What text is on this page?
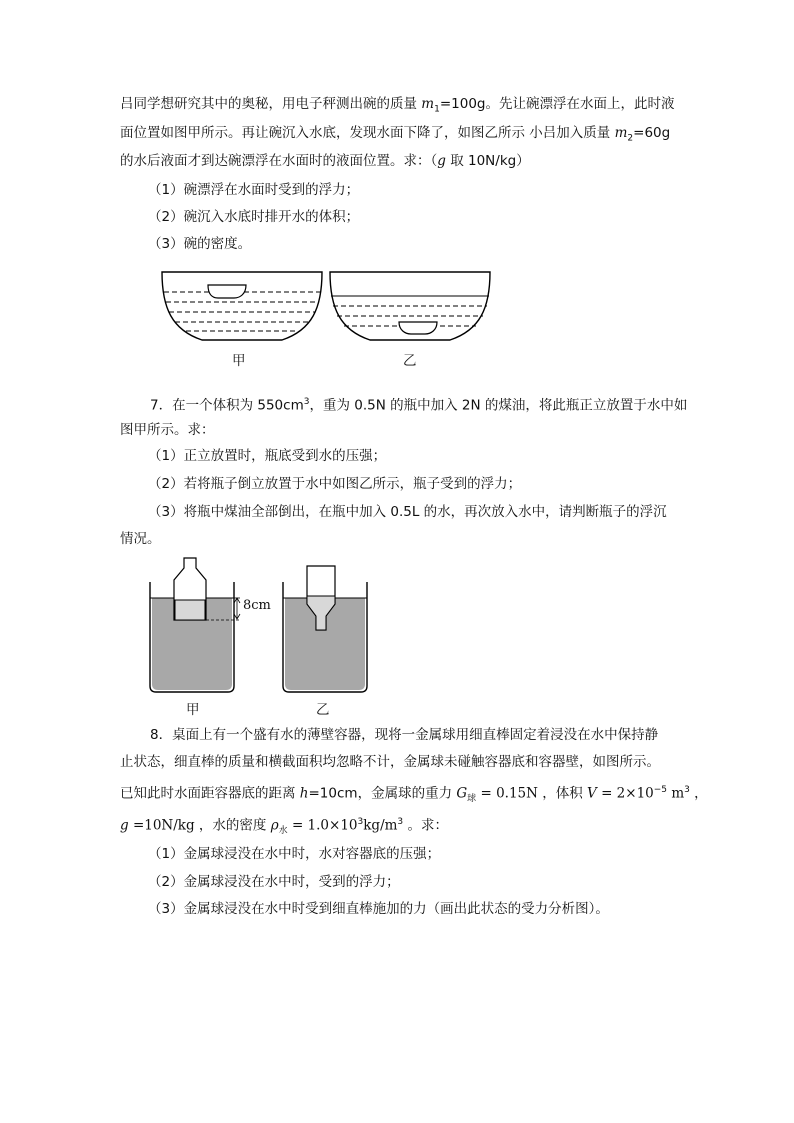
吕同学想研究其中的奥秘，用电子秤测出碗的质量 $m_1=100g$。先让碗漂浮在水面上，此时液
面位置如图甲所示。再让碗沉入水底，发现水面下降了，如图乙所示 小吕加入质量 $m_2=60g$
的水后液面才到达碗漂浮在水面时的液面位置。求：（g 取 10N/kg）
（1）碗漂浮在水面时受到的浮力；
（2）碗沉入水底时排开水的体积；
（3）碗的密度。
甲	乙
7．在一个体积为 $550cm^3$，重为 0.5N 的瓶中加入 2N 的煤油，将此瓶正立放置于水中如
图甲所示。求：
（1）正立放置时，瓶底受到水的压强；
（2）若将瓶子倒立放置于水中如图乙所示，瓶子受到的浮力；
（3）将瓶中煤油全部倒出，在瓶中加入 0.5L 的水，再次放入水中，请判断瓶子的浮沉
情况。
8cm
甲	乙
8．桌面上有一个盛有水的薄壁容器，现将一金属球用细直棒固定着浸没在水中保持静
止状态，细直棒的质量和横截面积均忽略不计，金属球未碰触容器底和容器壁，如图所示。
已知此时水面距容器底的距离 h=10cm，金属球的重力 $G_球 = 0.15N$ ，体积 $V = 2\times 10^{-5}$ $m^3$ ，
g =10N/kg ，水的密度 $\rho_水 = 1.0\times 10^3kg/m^3$ 。求：
（1）金属球浸没在水中时，水对容器底的压强；
（2）金属球浸没在水中时，受到的浮力；
（3）金属球浸没在水中时受到细直棒施加的力（画出此状态的受力分析图）。
